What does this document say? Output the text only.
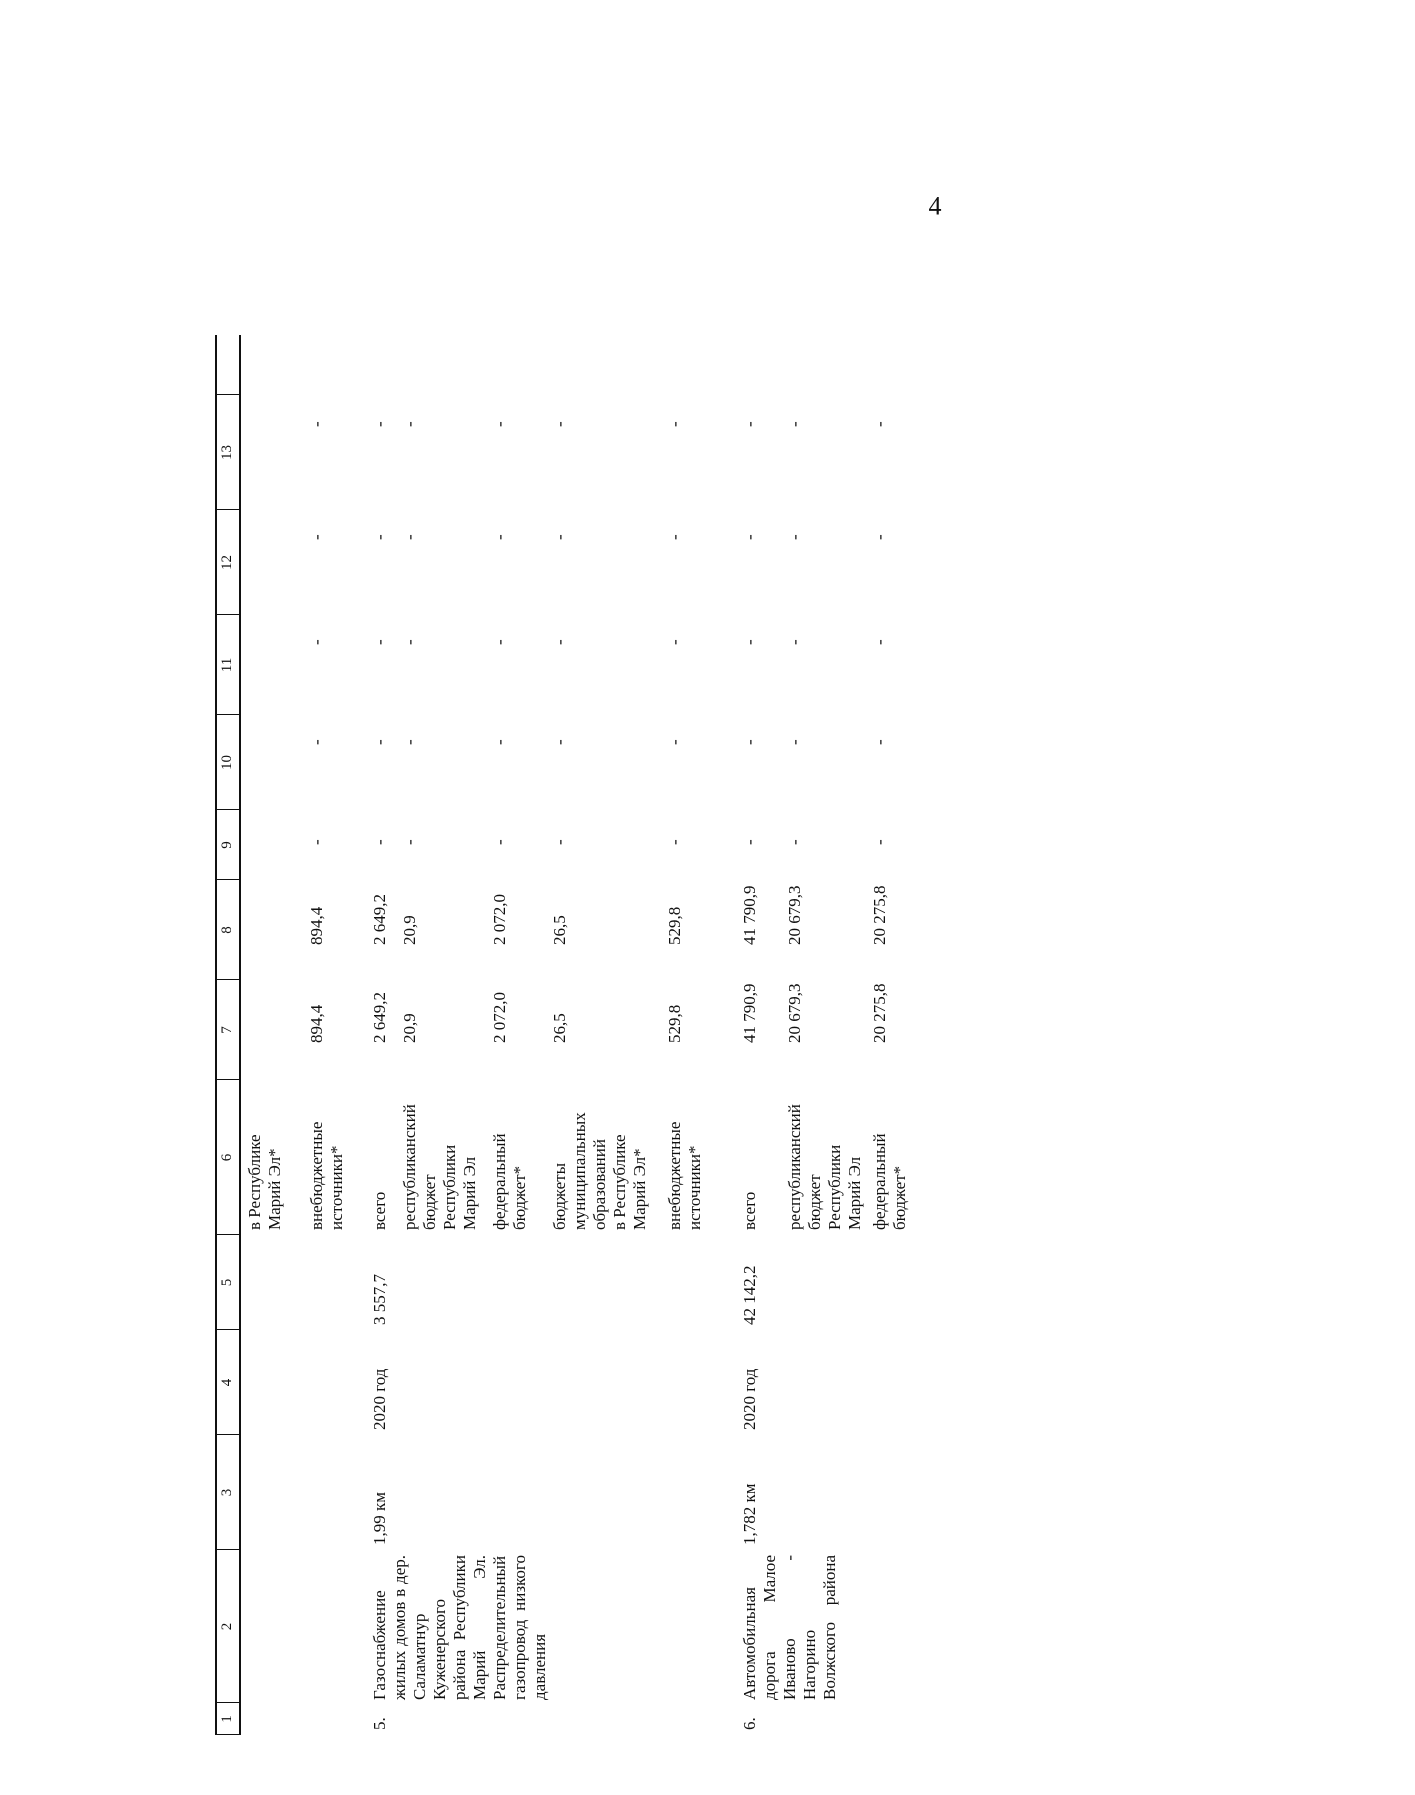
4
1
2
3
4
5
6
7
8
9
10
11
12
13
в Республике Марий Эл* внебюджетные
источники*
894,4
894,4
-
-
-
-
-
5.
Газоснабжение жилых домов в дер. Саламатнур Куженерского района Республики Марий Эл. Распределительный газопровод низкого давления
1,99 км
2020 год
3 557,7
всего
2 649,2
2 649,2
-
-
-
-
-
республиканский
бюджет
Республики
Марий Эл
20,9
20,9
-
-
-
-
-
федеральный
бюджет*
2 072,0
2 072,0
-
-
-
-
-
бюджеты
муниципальных
образований
в Республике
Марий Эл*
26,5
26,5
-
-
-
-
-
внебюджетные
источники*
529,8
529,8
-
-
-
-
-
6.
Автомобильная дорога Малое Иваново - Нагорино Волжского района
1,782 км
2020 год
42 142,2
всего
41 790,9
41 790,9
-
-
-
-
-
республиканский
бюджет
Республики
Марий Эл
20 679,3
20 679,3
-
-
-
-
-
федеральный
бюджет*
20 275,8
20 275,8
-
-
-
-
-
